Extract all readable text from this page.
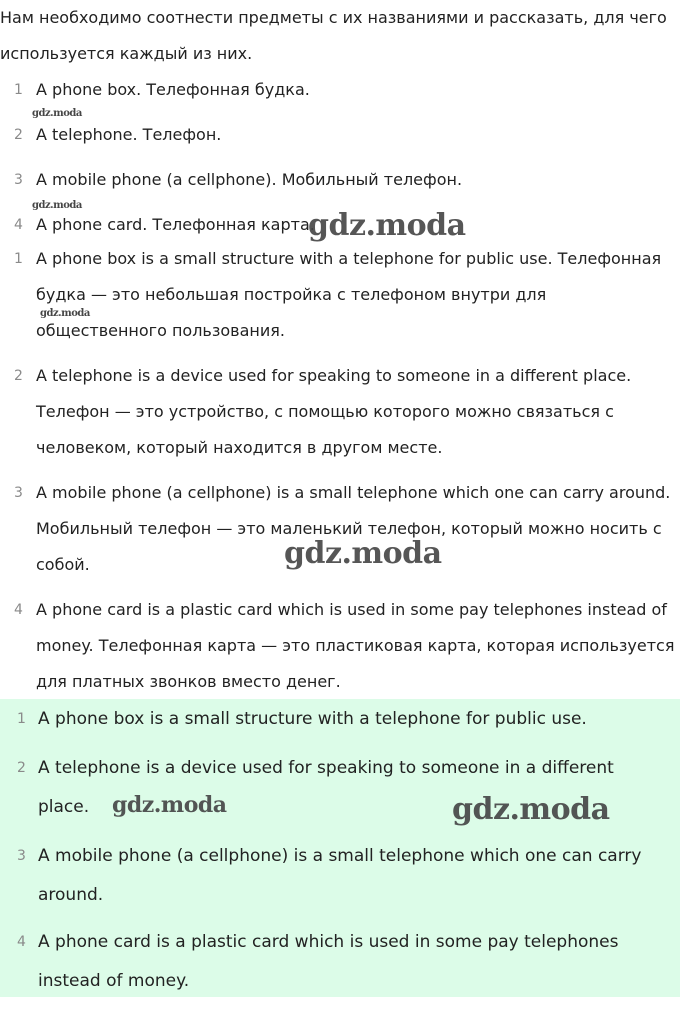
Нам необходимо соотнести предметы с их названиями и рассказать, для чего используется каждый из них.

1 A phone box. Телефонная будка.
2 A telephone. Телефон.
3 A mobile phone (a cellphone). Мобильный телефон.
4 A phone card. Телефонная карта.
1 A phone box is a small structure with a telephone for public use. Телефонная будка — это небольшая постройка с телефоном внутри для общественного пользования.
2 A telephone is a device used for speaking to someone in a different place. Телефон — это устройство, с помощью которого можно связаться с человеком, который находится в другом месте.
3 A mobile phone (a cellphone) is a small telephone which one can carry around. Мобильный телефон — это маленький телефон, который можно носить с собой.
4 A phone card is a plastic card which is used in some pay telephones instead of money. Телефонная карта — это пластиковая карта, которая используется для платных звонков вместо денег.
1 A phone box is a small structure with a telephone for public use.
2 A telephone is a device used for speaking to someone in a different place.
3 A mobile phone (a cellphone) is a small telephone which one can carry around.
4 A phone card is a plastic card which is used in some pay telephones instead of money.
gdz.moda
gdz.moda
gdz.moda
gdz.moda
gdz.moda
gdz.moda	gdz.moda
